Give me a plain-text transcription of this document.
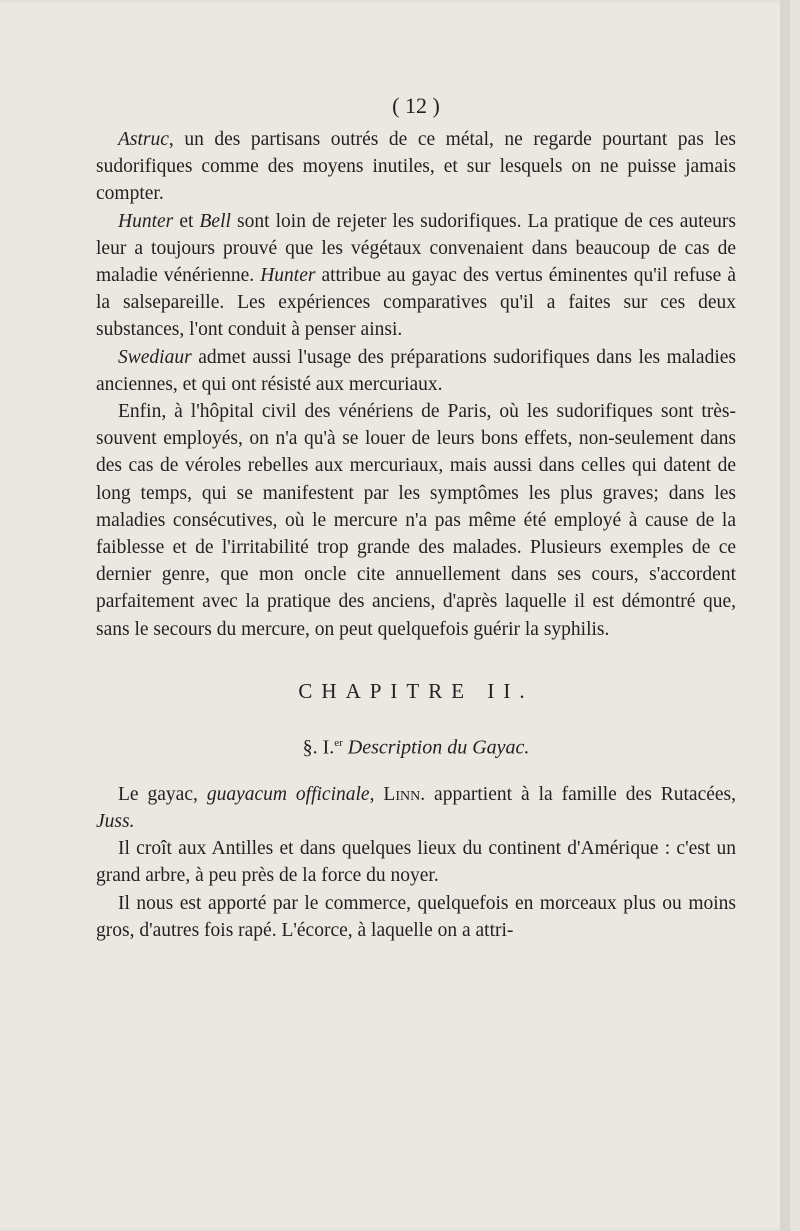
( 12 )

Astruc, un des partisans outrés de ce métal, ne regarde pourtant pas les sudorifiques comme des moyens inutiles, et sur lesquels on ne puisse jamais compter.

Hunter et Bell sont loin de rejeter les sudorifiques. La pratique de ces auteurs leur a toujours prouvé que les végétaux convenaient dans beaucoup de cas de maladie vénérienne. Hunter attribue au gayac des vertus éminentes qu'il refuse à la salsepareille. Les expériences comparatives qu'il a faites sur ces deux substances, l'ont conduit à penser ainsi.

Swediaur admet aussi l'usage des préparations sudorifiques dans les maladies anciennes, et qui ont résisté aux mercuriaux.

Enfin, à l'hôpital civil des vénériens de Paris, où les sudorifiques sont très-souvent employés, on n'a qu'à se louer de leurs bons effets, non-seulement dans des cas de véroles rebelles aux mercuriaux, mais aussi dans celles qui datent de long temps, qui se manifestent par les symptômes les plus graves; dans les maladies consécutives, où le mercure n'a pas même été employé à cause de la faiblesse et de l'irritabilité trop grande des malades. Plusieurs exemples de ce dernier genre, que mon oncle cite annuellement dans ses cours, s'accordent parfaitement avec la pratique des anciens, d'après laquelle il est démontré que, sans le secours du mercure, on peut quelquefois guérir la syphilis.

CHAPITRE II.
§. I.$^{er}$ Description du Gayac.

Le gayac, guayacum officinale, Linn. appartient à la famille des Rutacées, Juss.

Il croît aux Antilles et dans quelques lieux du continent d'Amérique : c'est un grand arbre, à peu près de la force du noyer.

Il nous est apporté par le commerce, quelquefois en morceaux plus ou moins gros, d'autres fois rapé. L'écorce, à laquelle on a attri-
